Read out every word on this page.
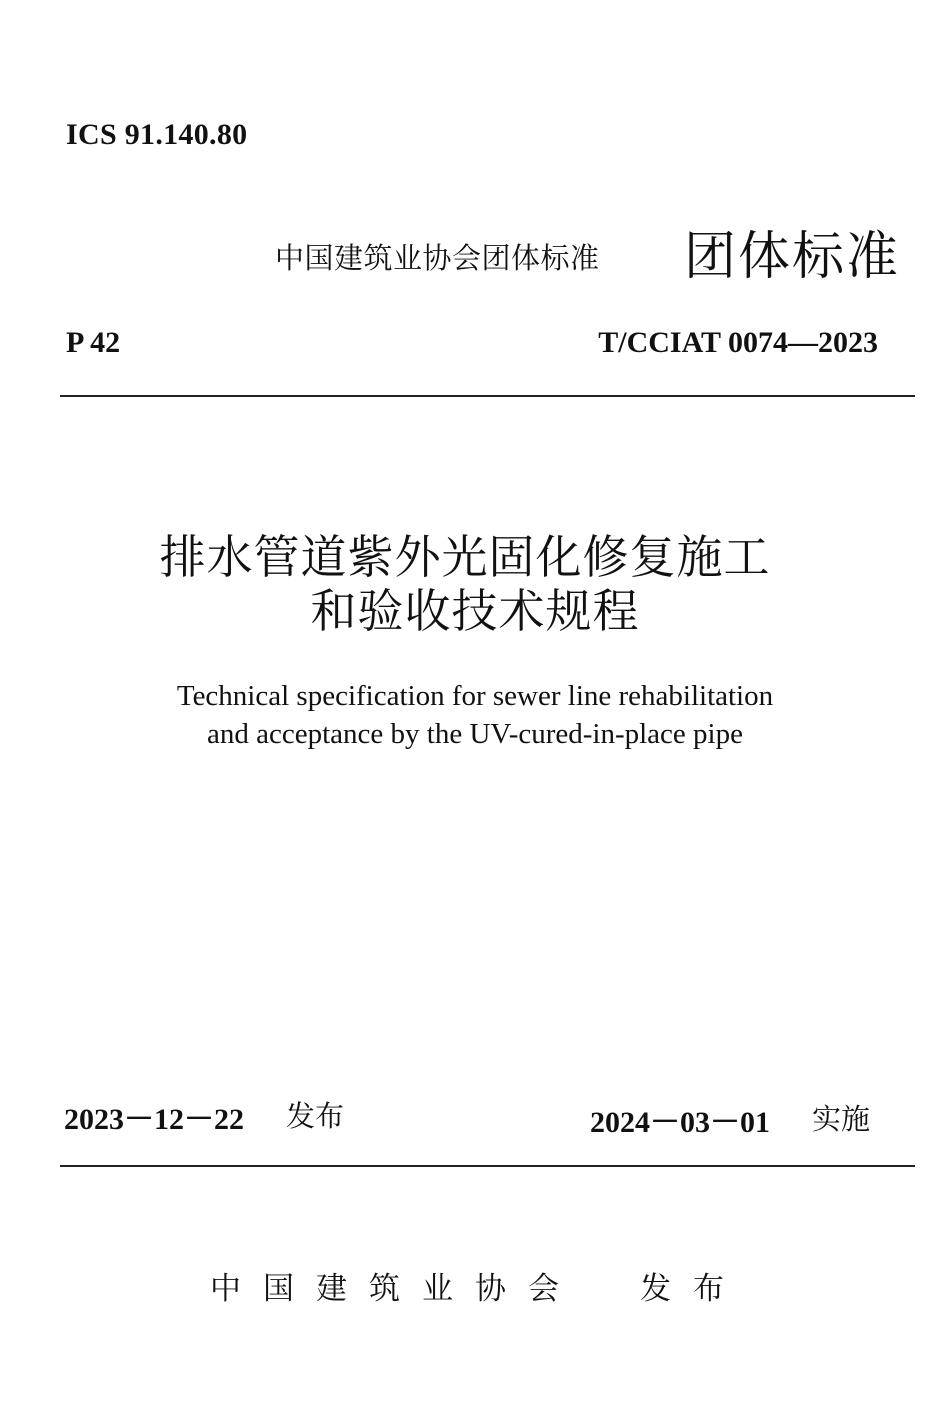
ICS 91.140.80
中国建筑业协会团体标准 团体标准
P 42	T/CCIAT 0074—2023
排水管道紫外光固化修复施工
和验收技术规程
Technical specification for sewer line rehabilitation
and acceptance by the UV-cured-in-place pipe
2023－12－22 发布	2024－03－01 实施
中国建筑业协会 发布
